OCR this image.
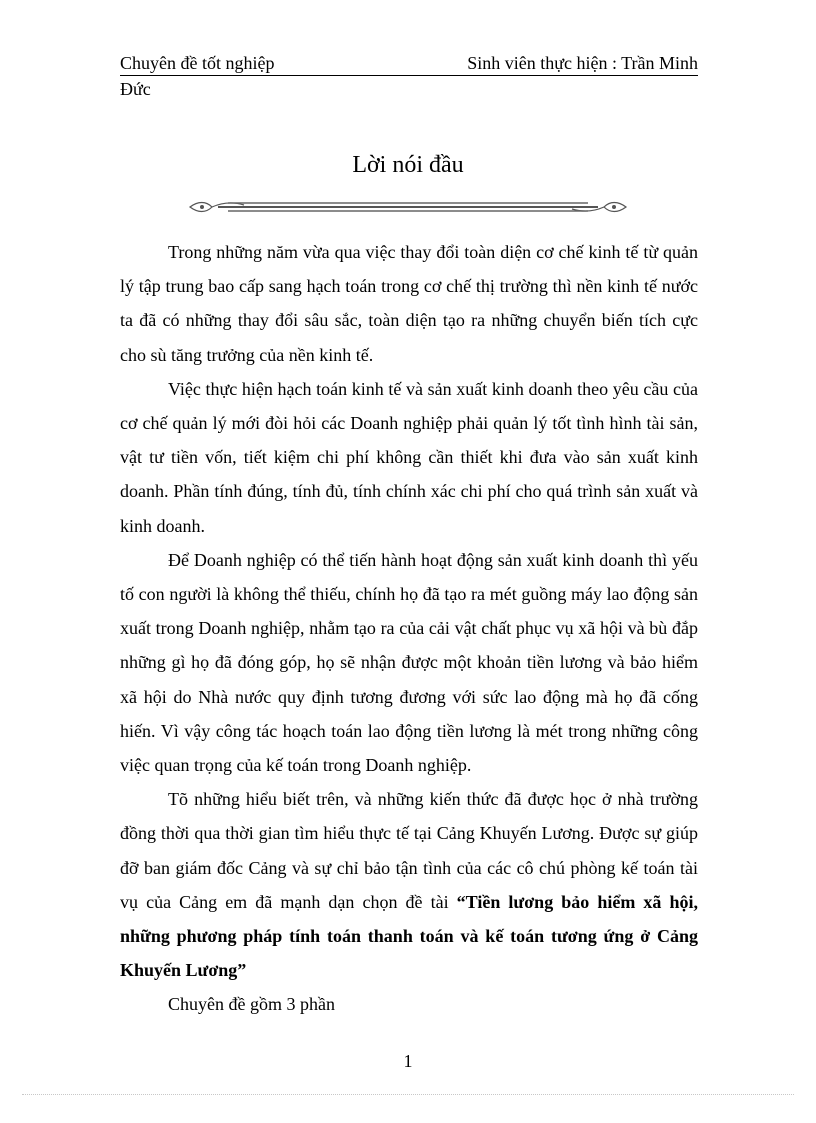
Chuyên đề tốt nghiệp	Sinh viên thực hiện : Trần Minh
Đức
Lời nói đầu

Trong những năm vừa qua việc thay đổi toàn diện cơ chế kinh tế từ quản lý tập trung bao cấp sang hạch toán trong cơ chế thị trường thì nền kinh tế nước ta đã có những thay đổi sâu sắc, toàn diện tạo ra những chuyển biến tích cực cho sù tăng trưởng của nền kinh tế.

Việc thực hiện hạch toán kinh tế và sản xuất kinh doanh theo yêu cầu của cơ chế quản lý mới đòi hỏi các Doanh nghiệp phải quản lý tốt tình hình tài sản, vật tư tiền vốn, tiết kiệm chi phí không cần thiết khi đưa vào sản xuất kinh doanh. Phần tính đúng, tính đủ, tính chính xác chi phí cho quá trình sản xuất và kinh doanh.

Để Doanh nghiệp có thể tiến hành hoạt động sản xuất kinh doanh thì yếu tố con người là không thể thiếu, chính họ đã tạo ra mét guồng máy lao động sản xuất trong Doanh nghiệp, nhằm tạo ra của cải vật chất phục vụ xã hội và bù đắp những gì họ đã đóng góp, họ sẽ nhận được một khoản tiền lương và bảo hiểm xã hội do Nhà nước quy định tương đương với sức lao động mà họ đã cống hiến. Vì vậy công tác hoạch toán lao động tiền lương là mét trong những công việc quan trọng của kế toán trong Doanh nghiệp.

Tõ những hiểu biết trên, và những kiến thức đã được học ở nhà trường đồng thời qua thời gian tìm hiểu thực tế tại Cảng Khuyến Lương. Được sự giúp đỡ ban giám đốc Cảng và sự chỉ bảo tận tình của các cô chú phòng kế toán tài vụ của Cảng em đã mạnh dạn chọn đề tài “Tiền lương bảo hiểm xã hội, những phương pháp tính toán thanh toán và kế toán tương ứng ở Cảng Khuyến Lương”

Chuyên đề gồm 3 phần

1
